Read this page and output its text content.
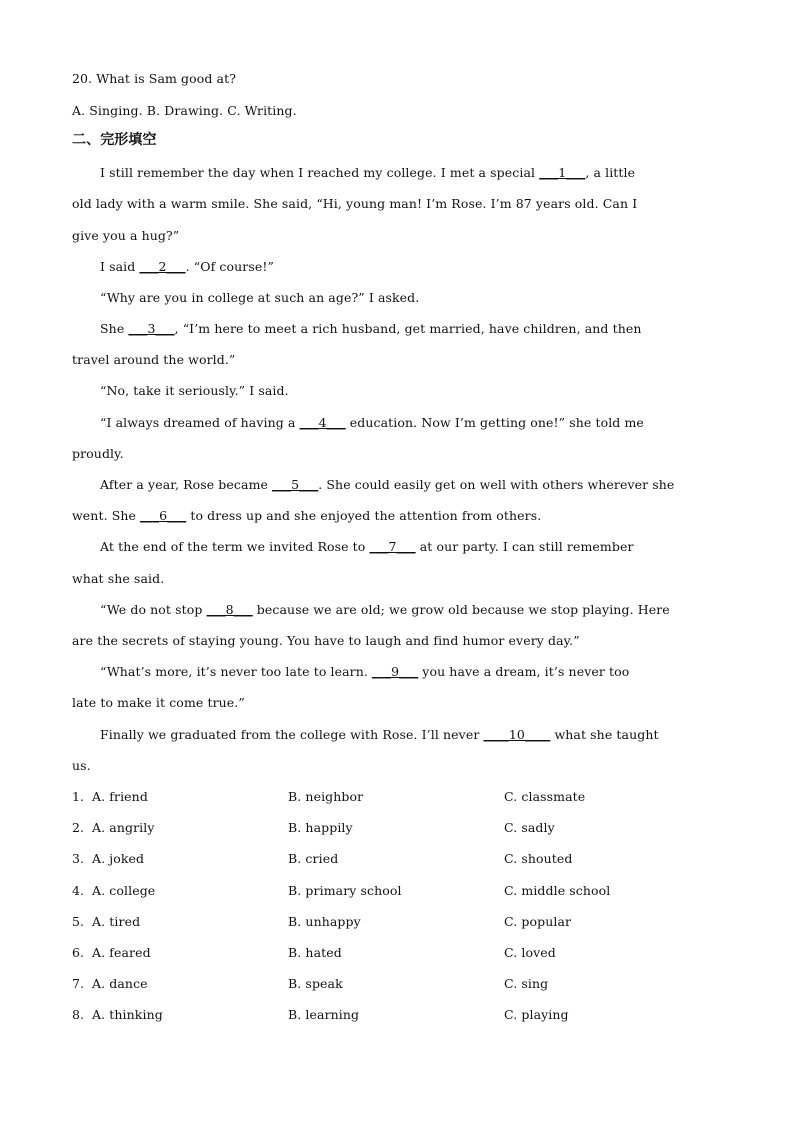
20. What is Sam good at?
A. Singing. B. Drawing. C. Writing.
二、完形填空
I still remember the day when I reached my college. I met a special ___1___, a little
old lady with a warm smile. She said, “Hi, young man! I’m Rose. I’m 87 years old. Can I
give you a hug?”
I said ___2___. “Of course!”
“Why are you in college at such an age?” I asked.
She ___3___, “I’m here to meet a rich husband, get married, have children, and then
travel around the world.”
“No, take it seriously.” I said.
“I always dreamed of having a ___4___ education. Now I’m getting one!” she told me
proudly.
After a year, Rose became ___5___. She could easily get on well with others wherever she
went. She ___6___ to dress up and she enjoyed the attention from others.
At the end of the term we invited Rose to ___7___ at our party. I can still remember
what she said.
“We do not stop ___8___ because we are old; we grow old because we stop playing. Here
are the secrets of staying young. You have to laugh and find humor every day.”
“What’s more, it’s never too late to learn. ___9___ you have a dream, it’s never too
late to make it come true.”
Finally we graduated from the college with Rose. I’ll never ____10____ what she taught
us.
1. A. friend	B. neighbor	C. classmate
2. A. angrily	B. happily	C. sadly
3. A. joked	B. cried	C. shouted
4. A. college	B. primary school	C. middle school
5. A. tired	B. unhappy	C. popular
6. A. feared	B. hated	C. loved
7. A. dance	B. speak	C. sing
8. A. thinking	B. learning	C. playing
